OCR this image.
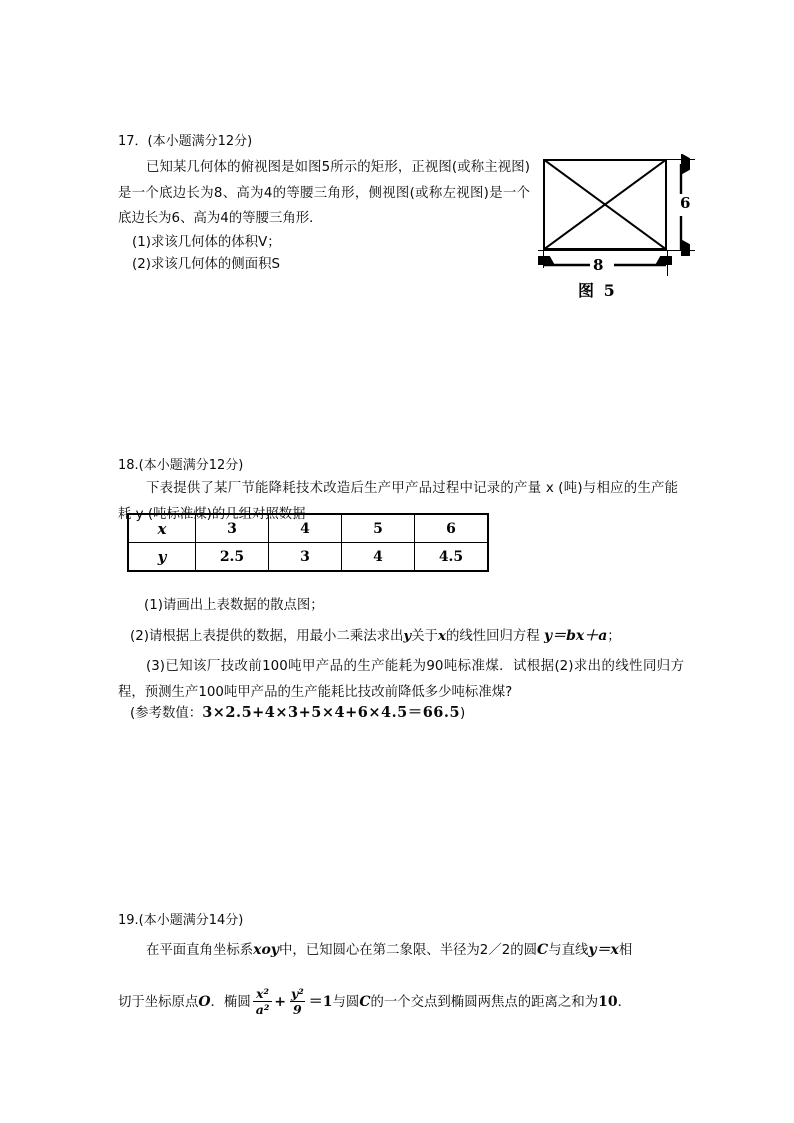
17．(本小题满分12分)
已知某几何体的俯视图是如图5所示的矩形，正视图(或称主视图)是一个底边长为8、高为4的等腰三角形，侧视图(或称左视图)是一个底边长为6、高为4的等腰三角形．
(1)求该几何体的体积V；
(2)求该几何体的侧面积S
6
8
图 5
18.(本小题满分12分)
下表提供了某厂节能降耗技术改造后生产甲产品过程中记录的产量 x (吨)与相应的生产能耗 y (吨标准煤)的几组对照数据
x	3	4	5	6
y	2.5	3	4	4.5
(1)请画出上表数据的散点图；
(2)请根据上表提供的数据，用最小二乘法求出y关于x的线性回归方程 y＝bx＋a；
(3)已知该厂技改前100吨甲产品的生产能耗为90吨标准煤．试根据(2)求出的线性同归方程，预测生产100吨甲产品的生产能耗比技改前降低多少吨标准煤?
(参考数值：3×2.5+4×3+5×4+6×4.5＝66.5)
19.(本小题满分14分)
在平面直角坐标系xoy中，已知圆心在第二象限、半径为2／2的圆C与直线y＝x相
切于坐标原点O．椭圆 $\frac{\text{x²}}{\text{a²}} + \frac{\text{y²}}{9} =1$与圆C的一个交点到椭圆两焦点的距离之和为10．
